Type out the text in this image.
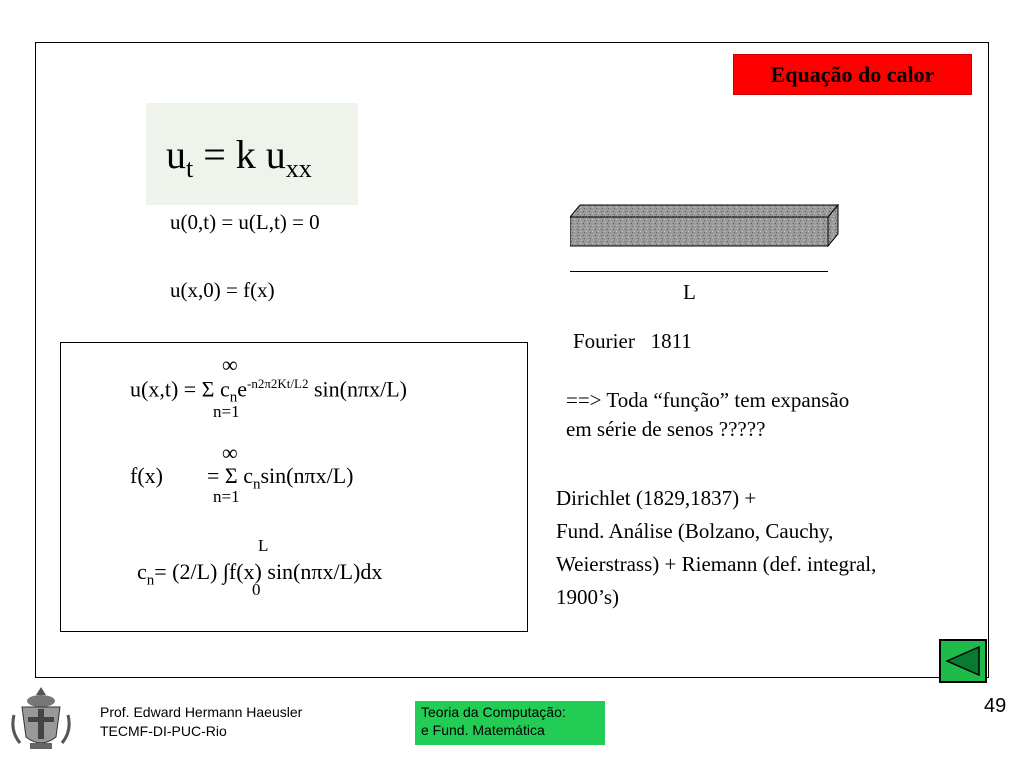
Equação do calor
$u_t = k$ $u_{xx}$
u(0,t) = u(L,t) = 0
u(x,0) = f(x)
∞
u(x,t) = Σ $c_ne^{-n2\pi 2Kt/L2}$ sin(nπx/L)
n=1
∞
f(x) = Σ $c_n\sin(n\pi x/L)$
n=1
L
$c_n= (2/L)$ ∫f(x) sin(nπx/L)dx
0
L
Fourier   1811
==> Toda “função” tem expansão
em série de senos ?????
Dirichlet (1829,1837) +
Fund. Análise (Bolzano, Cauchy,
Weierstrass) + Riemann (def. integral,
1900’s)
Prof. Edward Hermann Haeusler
TECMF-DI-PUC-Rio
Teoria da Computação:
e Fund. Matemática
49
